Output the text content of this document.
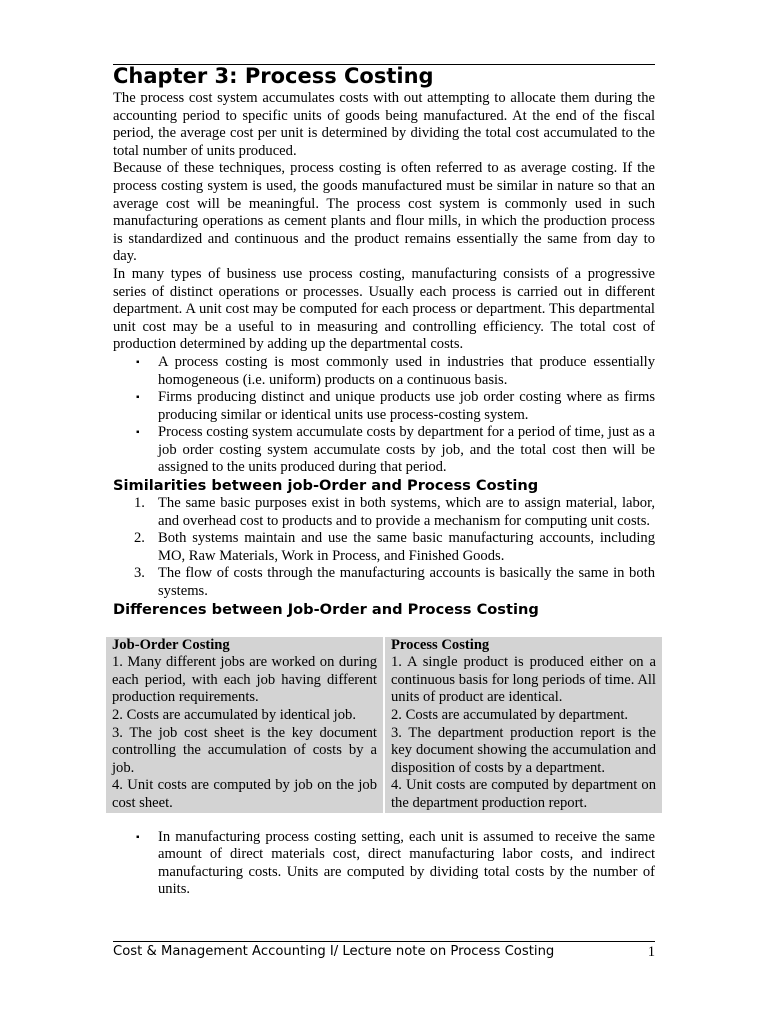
Chapter 3: Process Costing

The process cost system accumulates costs with out attempting to allocate them during the accounting period to specific units of goods being manufactured. At the end of the fiscal period, the average cost per unit is determined by dividing the total cost accumulated to the total number of units produced.

Because of these techniques, process costing is often referred to as average costing. If the process costing system is used, the goods manufactured must be similar in nature so that an average cost will be meaningful. The process cost system is commonly used in such manufacturing operations as cement plants and flour mills, in which the production process is standardized and continuous and the product remains essentially the same from day to day.

In many types of business use process costing, manufacturing consists of a progressive series of distinct operations or processes. Usually each process is carried out in different department. A unit cost may be computed for each process or department. This departmental unit cost may be a useful to in measuring and controlling efficiency. The total cost of production determined by adding up the departmental costs.

▪ A process costing is most commonly used in industries that produce essentially homogeneous (i.e. uniform) products on a continuous basis.
▪ Firms producing distinct and unique products use job order costing where as firms producing similar or identical units use process-costing system.
▪ Process costing system accumulate costs by department for a period of time, just as a job order costing system accumulate costs by job, and the total cost then will be assigned to the units produced during that period.
Similarities between job-Order and Process Costing
1. The same basic purposes exist in both systems, which are to assign material, labor, and overhead cost to products and to provide a mechanism for computing unit costs.
2. Both systems maintain and use the same basic manufacturing accounts, including MO, Raw Materials, Work in Process, and Finished Goods.
3. The flow of costs through the manufacturing accounts is basically the same in both systems.
Differences between Job-Order and Process Costing
Job-Order Costing	Process Costing
1. Many different jobs are worked on during each period, with each job having different production requirements.	1. A single product is produced either on a continuous basis for long periods of time. All units of product are identical.
2. Costs are accumulated by identical job.	2. Costs are accumulated by department.
3. The job cost sheet is the key document controlling the accumulation of costs by a job.	3. The department production report is the key document showing the accumulation and disposition of costs by a department.
4. Unit costs are computed by job on the job cost sheet.	4. Unit costs are computed by department on the department production report.
▪ In manufacturing process costing setting, each unit is assumed to receive the same amount of direct materials cost, direct manufacturing labor costs, and indirect manufacturing costs. Units are computed by dividing total costs by the number of units.
Cost & Management Accounting I/ Lecture note on Process Costing	1
